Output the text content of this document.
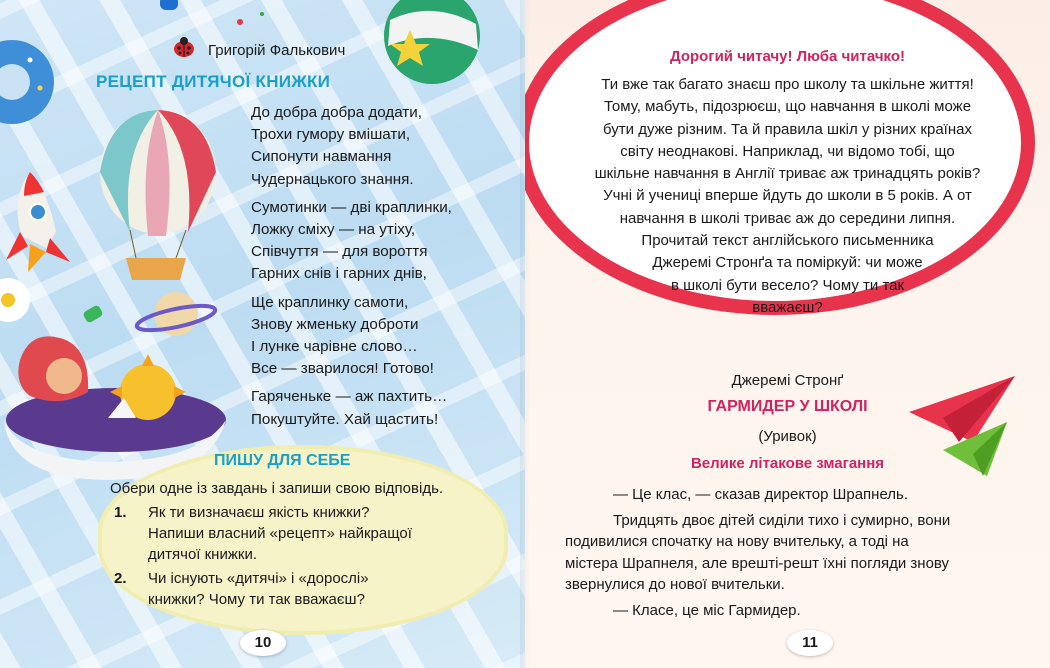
Григорій Фалькович
РЕЦЕПТ ДИТЯЧОЇ КНИЖКИ
До добра добра додати,
Трохи гумору вмішати,
Сипонути навмання
Чудернацького знання.
Сумотинки — дві краплинки,
Ложку сміху — на утіху,
Співчуття — для вороття
Гарних снів і гарних днів,
Ще краплинку самоти,
Знову жменьку доброти
І лунке чарівне слово…
Все — зварилося! Готово!
Гаряченьке — аж пахтить…
Покуштуйте. Хай щастить!
ПИШУ ДЛЯ СЕБЕ
Обери одне із завдань і запиши свою відповідь.
1. Як ти визначаєш якість книжки?
Напиши власний «рецепт» найкращої
дитячої книжки.
2. Чи існують «дитячі» і «дорослі»
книжки? Чому ти так вважаєш?
10
Дорогий читачу! Люба читачко!
Ти вже так багато знаєш про школу та шкільне життя!
Тому, мабуть, підозрюєш, що навчання в школі може
бути дуже різним. Та й правила шкіл у різних країнах
світу неоднакові. Наприклад, чи відомо тобі, що
шкільне навчання в Англії триває аж тринадцять років?
Учні й учениці вперше йдуть до школи в 5 років. А от
навчання в школі триває аж до середини липня.
Прочитай текст англійського письменника
Джеремі Стронґа та поміркуй: чи може
в школі бути весело? Чому ти так
вважаєш?
Джеремі Стронґ
ГАРМИДЕР У ШКОЛІ
(Уривок)
Велике літакове змагання

— Це клас, — сказав директор Шрапнель.

Тридцять двоє дітей сиділи тихо і сумирно, вони
подивилися спочатку на нову вчительку, а тоді на
містера Шрапнеля, але врешті-решт їхні погляди знову
звернулися до нової вчительки.

— Класе, це міс Гармидер.

11
